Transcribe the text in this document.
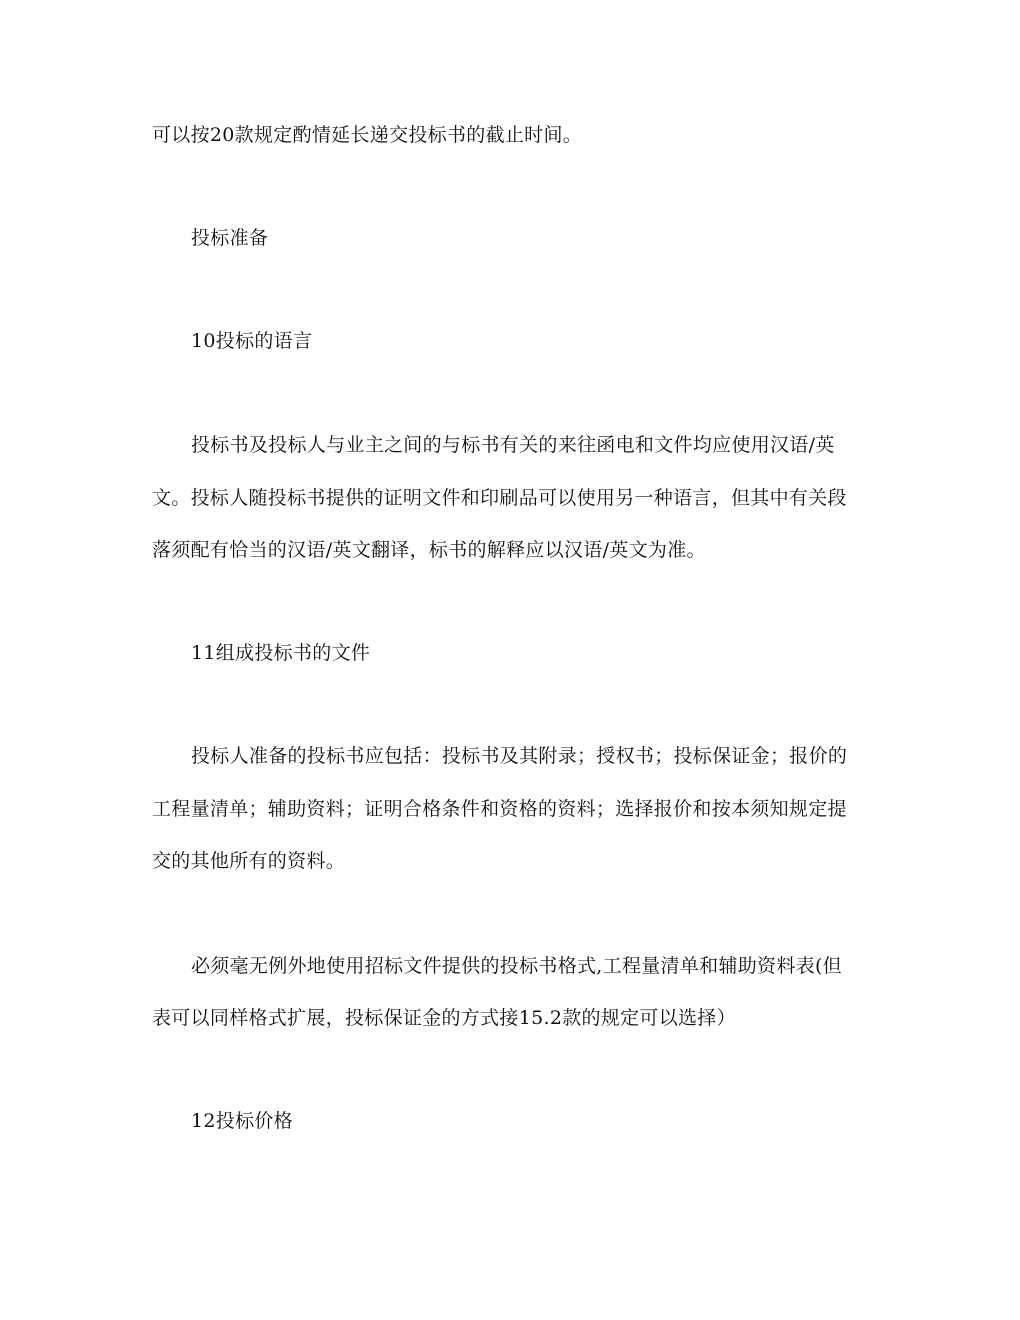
可以按20款规定酌情延长递交投标书的截止时间。
投标准备
10投标的语言
投标书及投标人与业主之间的与标书有关的来往函电和文件均应使用汉语/英
文。投标人随投标书提供的证明文件和印刷品可以使用另一种语言，但其中有关段
落须配有恰当的汉语/英文翻译，标书的解释应以汉语/英文为准。
11组成投标书的文件
投标人准备的投标书应包括：投标书及其附录；授权书；投标保证金；报价的
工程量清单；辅助资料；证明合格条件和资格的资料；选择报价和按本须知规定提
交的其他所有的资料。
必须毫无例外地使用招标文件提供的投标书格式,工程量清单和辅助资料表(但
表可以同样格式扩展，投标保证金的方式接15.2款的规定可以选择）
12投标价格
